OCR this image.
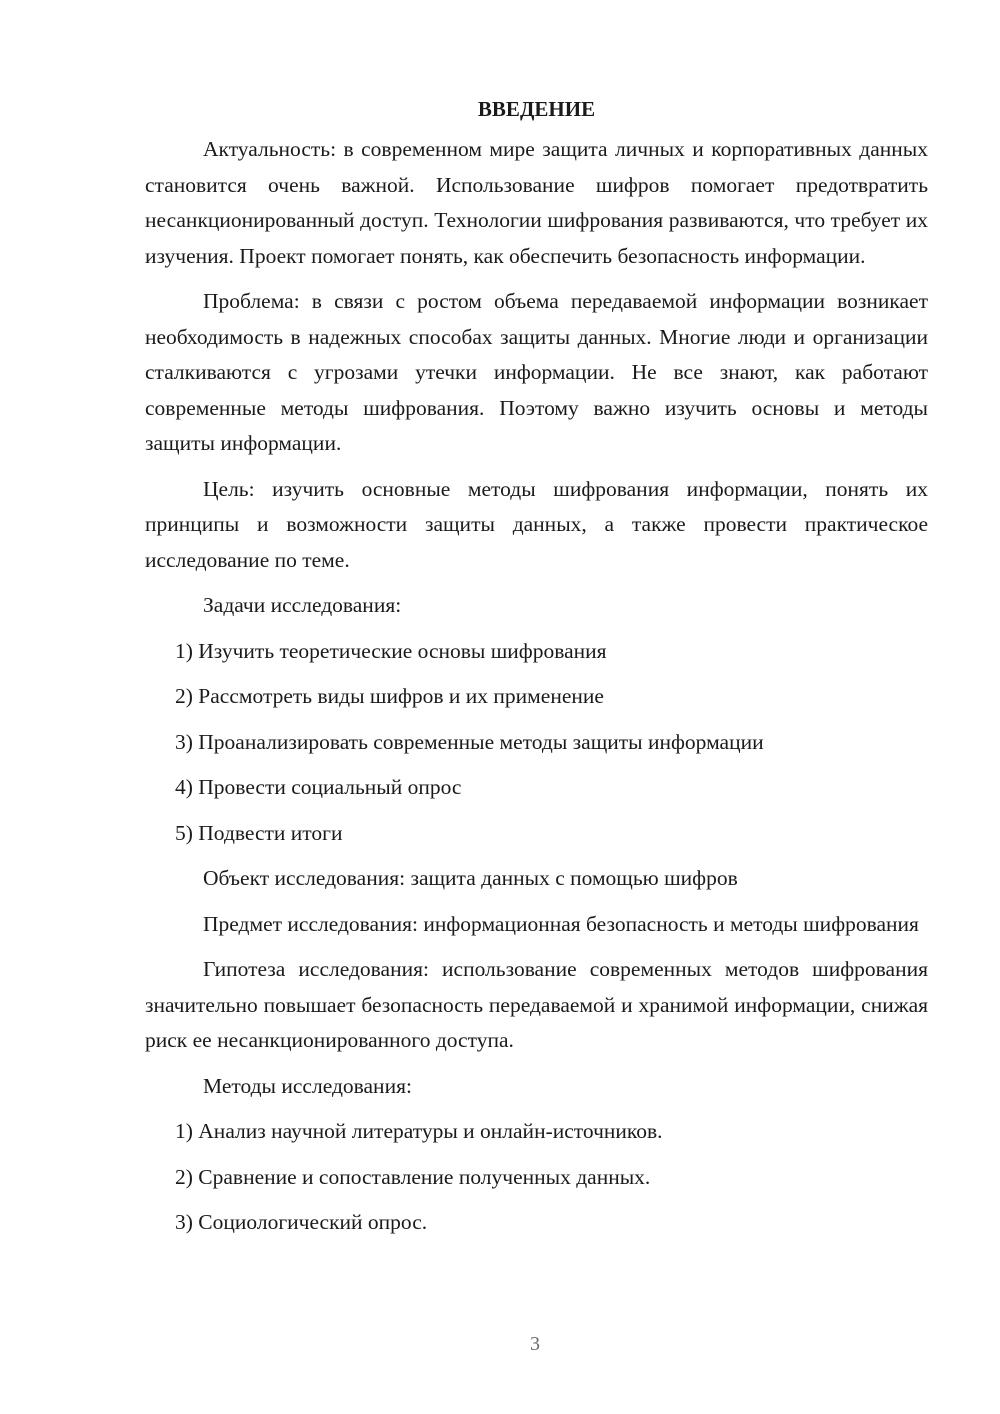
ВВЕДЕНИЕ

Актуальность: в современном мире защита личных и корпоративных данных становится очень важной. Использование шифров помогает предотвратить несанкционированный доступ. Технологии шифрования развиваются, что требует их изучения. Проект помогает понять, как обеспечить безопасность информации.

Проблема: в связи с ростом объема передаваемой информации возникает необходимость в надежных способах защиты данных. Многие люди и организации сталкиваются с угрозами утечки информации. Не все знают, как работают современные методы шифрования. Поэтому важно изучить основы и методы защиты информации.

Цель: изучить основные методы шифрования информации, понять их принципы и возможности защиты данных, а также провести практическое исследование по теме.

Задачи исследования:

1) Изучить теоретические основы шифрования
2) Рассмотреть виды шифров и их применение
3) Проанализировать современные методы защиты информации
4) Провести социальный опрос
5) Подвести итоги

Объект исследования: защита данных с помощью шифров

Предмет исследования: информационная безопасность и методы шифрования

Гипотеза исследования: использование современных методов шифрования значительно повышает безопасность передаваемой и хранимой информации, снижая риск ее несанкционированного доступа.

Методы исследования:

1) Анализ научной литературы и онлайн-источников.
2) Сравнение и сопоставление полученных данных.
3) Социологический опрос.
3
